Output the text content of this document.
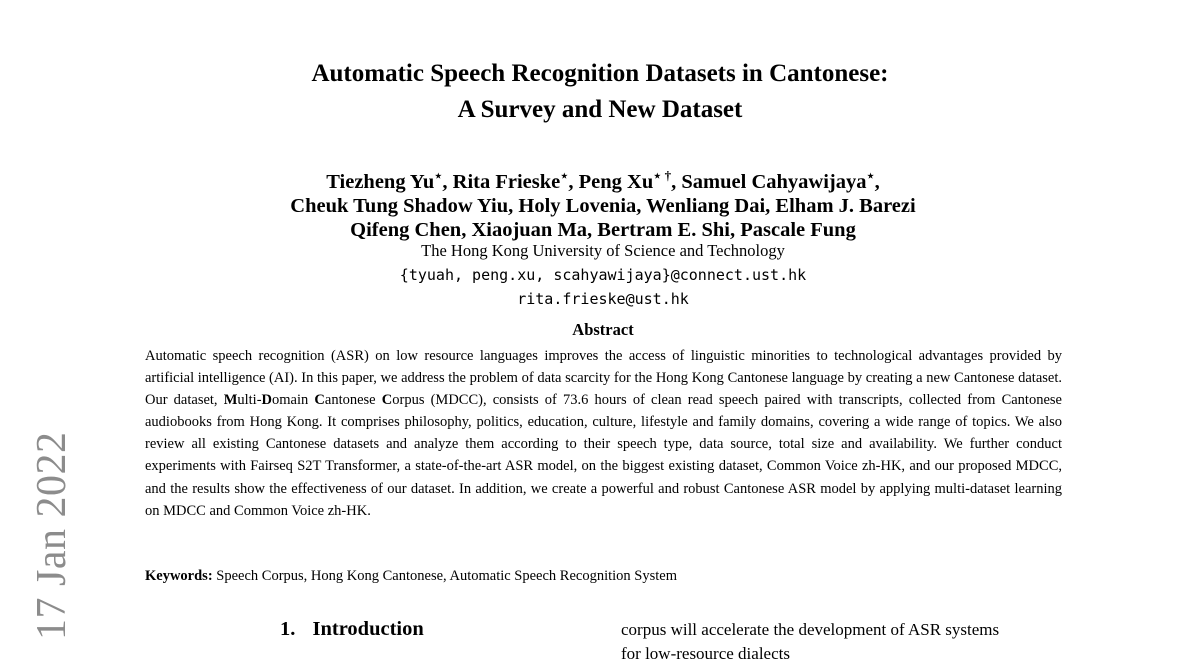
17 Jan 2022
Automatic Speech Recognition Datasets in Cantonese:
A Survey and New Dataset
Tiezheng Yu⋆, Rita Frieske⋆, Peng Xu⋆ †, Samuel Cahyawijaya⋆,
Cheuk Tung Shadow Yiu, Holy Lovenia, Wenliang Dai, Elham J. Barezi
Qifeng Chen, Xiaojuan Ma, Bertram E. Shi, Pascale Fung
The Hong Kong University of Science and Technology
{tyuah, peng.xu, scahyawijaya}@connect.ust.hk
rita.frieske@ust.hk
Abstract
Automatic speech recognition (ASR) on low resource languages improves the access of linguistic minorities to technological advantages provided by artificial intelligence (AI). In this paper, we address the problem of data scarcity for the Hong Kong Cantonese language by creating a new Cantonese dataset. Our dataset, Multi-Domain Cantonese Corpus (MDCC), consists of 73.6 hours of clean read speech paired with transcripts, collected from Cantonese audiobooks from Hong Kong. It comprises philosophy, politics, education, culture, lifestyle and family domains, covering a wide range of topics. We also review all existing Cantonese datasets and analyze them according to their speech type, data source, total size and availability. We further conduct experiments with Fairseq S2T Transformer, a state-of-the-art ASR model, on the biggest existing dataset, Common Voice zh-HK, and our proposed MDCC, and the results show the effectiveness of our dataset. In addition, we create a powerful and robust Cantonese ASR model by applying multi-dataset learning on MDCC and Common Voice zh-HK.
Keywords: Speech Corpus, Hong Kong Cantonese, Automatic Speech Recognition System
1. Introduction	corpus will accelerate the development of ASR systems
for low-resource dialects
